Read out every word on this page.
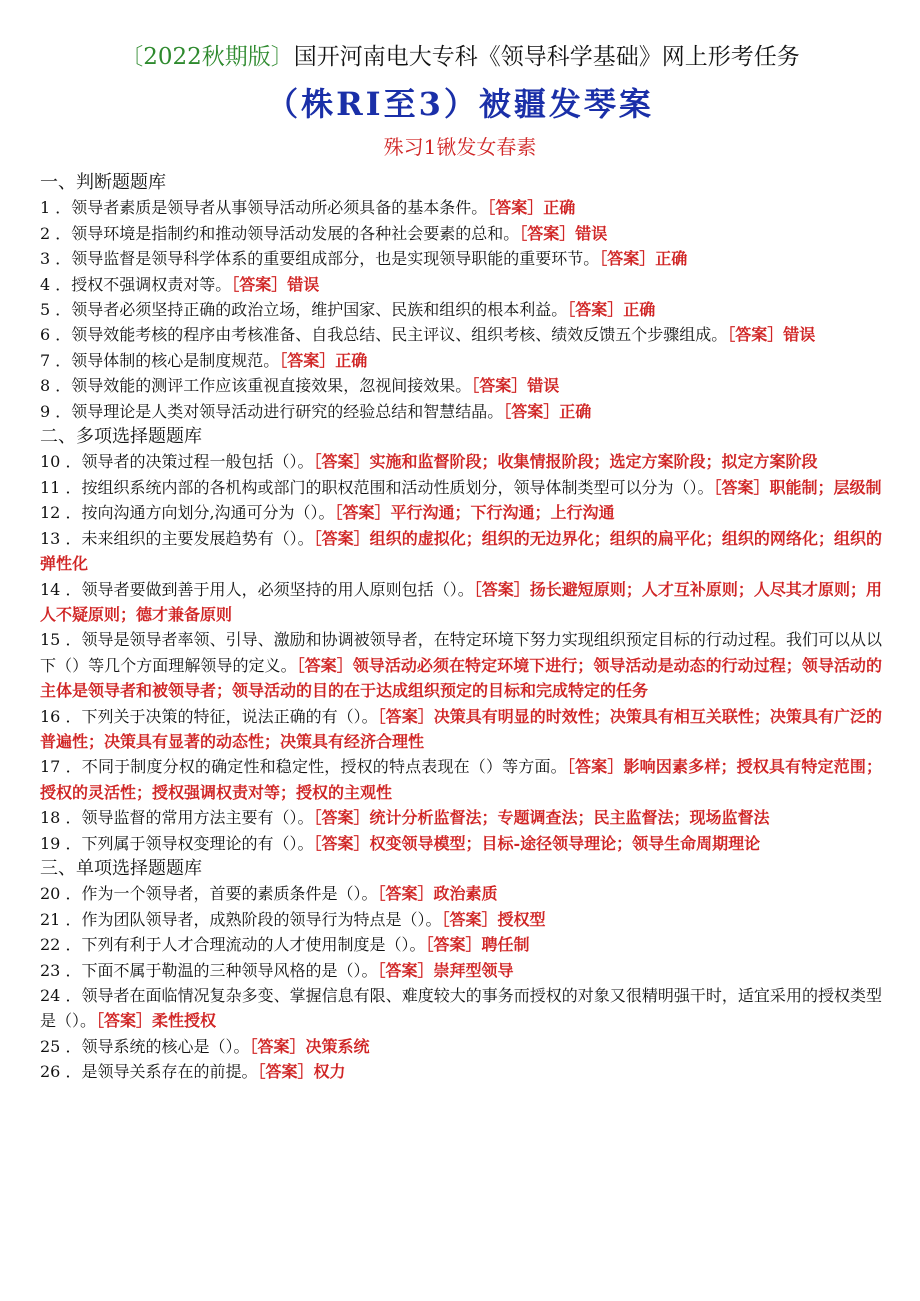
〔2022秋期版〕国开河南电大专科《领导科学基础》网上形考任务
（株RI至3）被疆发琴案
殊习1锹发女春素
一、判断题题库
1 ．领导者素质是领导者从事领导活动所必须具备的基本条件。［答案］正确
2 ．领导环境是指制约和推动领导活动发展的各种社会要素的总和。［答案］错误
3 ．领导监督是领导科学体系的重要组成部分，也是实现领导职能的重要环节。［答案］正确
4 ．授权不强调权责对等。［答案］错误
5 ．领导者必须坚持正确的政治立场，维护国家、民族和组织的根本利益。［答案］正确
6 ．领导效能考核的程序由考核准备、自我总结、民主评议、组织考核、绩效反馈五个步骤组成。［答案］错误
7 ．领导体制的核心是制度规范。［答案］正确
8 ．领导效能的测评工作应该重视直接效果，忽视间接效果。［答案］错误
9 ．领导理论是人类对领导活动进行研究的经验总结和智慧结晶。［答案］正确
二、多项选择题题库
10 ．领导者的决策过程一般包括（）。［答案］实施和监督阶段；收集情报阶段；选定方案阶段；拟定方案阶段
11 ．按组织系统内部的各机构或部门的职权范围和活动性质划分，领导体制类型可以分为（）。［答案］职能制；层级制
12 ．按向沟通方向划分,沟通可分为（）。［答案］平行沟通；下行沟通；上行沟通
13 ．未来组织的主要发展趋势有（）。［答案］组织的虚拟化；组织的无边界化；组织的扁平化；组织的网络化；组织的弹性化
14 ．领导者要做到善于用人，必须坚持的用人原则包括（）。［答案］扬长避短原则；人才互补原则；人尽其才原则；用人不疑原则；德才兼备原则
15 ．领导是领导者率领、引导、激励和协调被领导者，在特定环境下努力实现组织预定目标的行动过程。我们可以从以下（）等几个方面理解领导的定义。［答案］领导活动必须在特定环境下进行；领导活动是动态的行动过程；领导活动的主体是领导者和被领导者；领导活动的目的在于达成组织预定的目标和完成特定的任务
16 ．下列关于决策的特征，说法正确的有（）。［答案］决策具有明显的时效性；决策具有相互关联性；决策具有广泛的普遍性；决策具有显著的动态性；决策具有经济合理性
17 ．不同于制度分权的确定性和稳定性，授权的特点表现在（）等方面。［答案］影响因素多样；授权具有特定范围；授权的灵活性；授权强调权责对等；授权的主观性
18 ．领导监督的常用方法主要有（）。［答案］统计分析监督法；专题调查法；民主监督法；现场监督法
19 ．下列属于领导权变理论的有（）。［答案］权变领导模型；目标-途径领导理论；领导生命周期理论
三、单项选择题题库
20 ．作为一个领导者，首要的素质条件是（）。［答案］政治素质
21 ．作为团队领导者，成熟阶段的领导行为特点是（）。［答案］授权型
22 ．下列有利于人才合理流动的人才使用制度是（）。［答案］聘任制
23 ．下面不属于勒温的三种领导风格的是（）。［答案］崇拜型领导
24 ．领导者在面临情况复杂多变、掌握信息有限、难度较大的事务而授权的对象又很精明强干时，适宜采用的授权类型是（）。［答案］柔性授权
25 ．领导系统的核心是（）。［答案］决策系统
26 ．是领导关系存在的前提。［答案］权力
